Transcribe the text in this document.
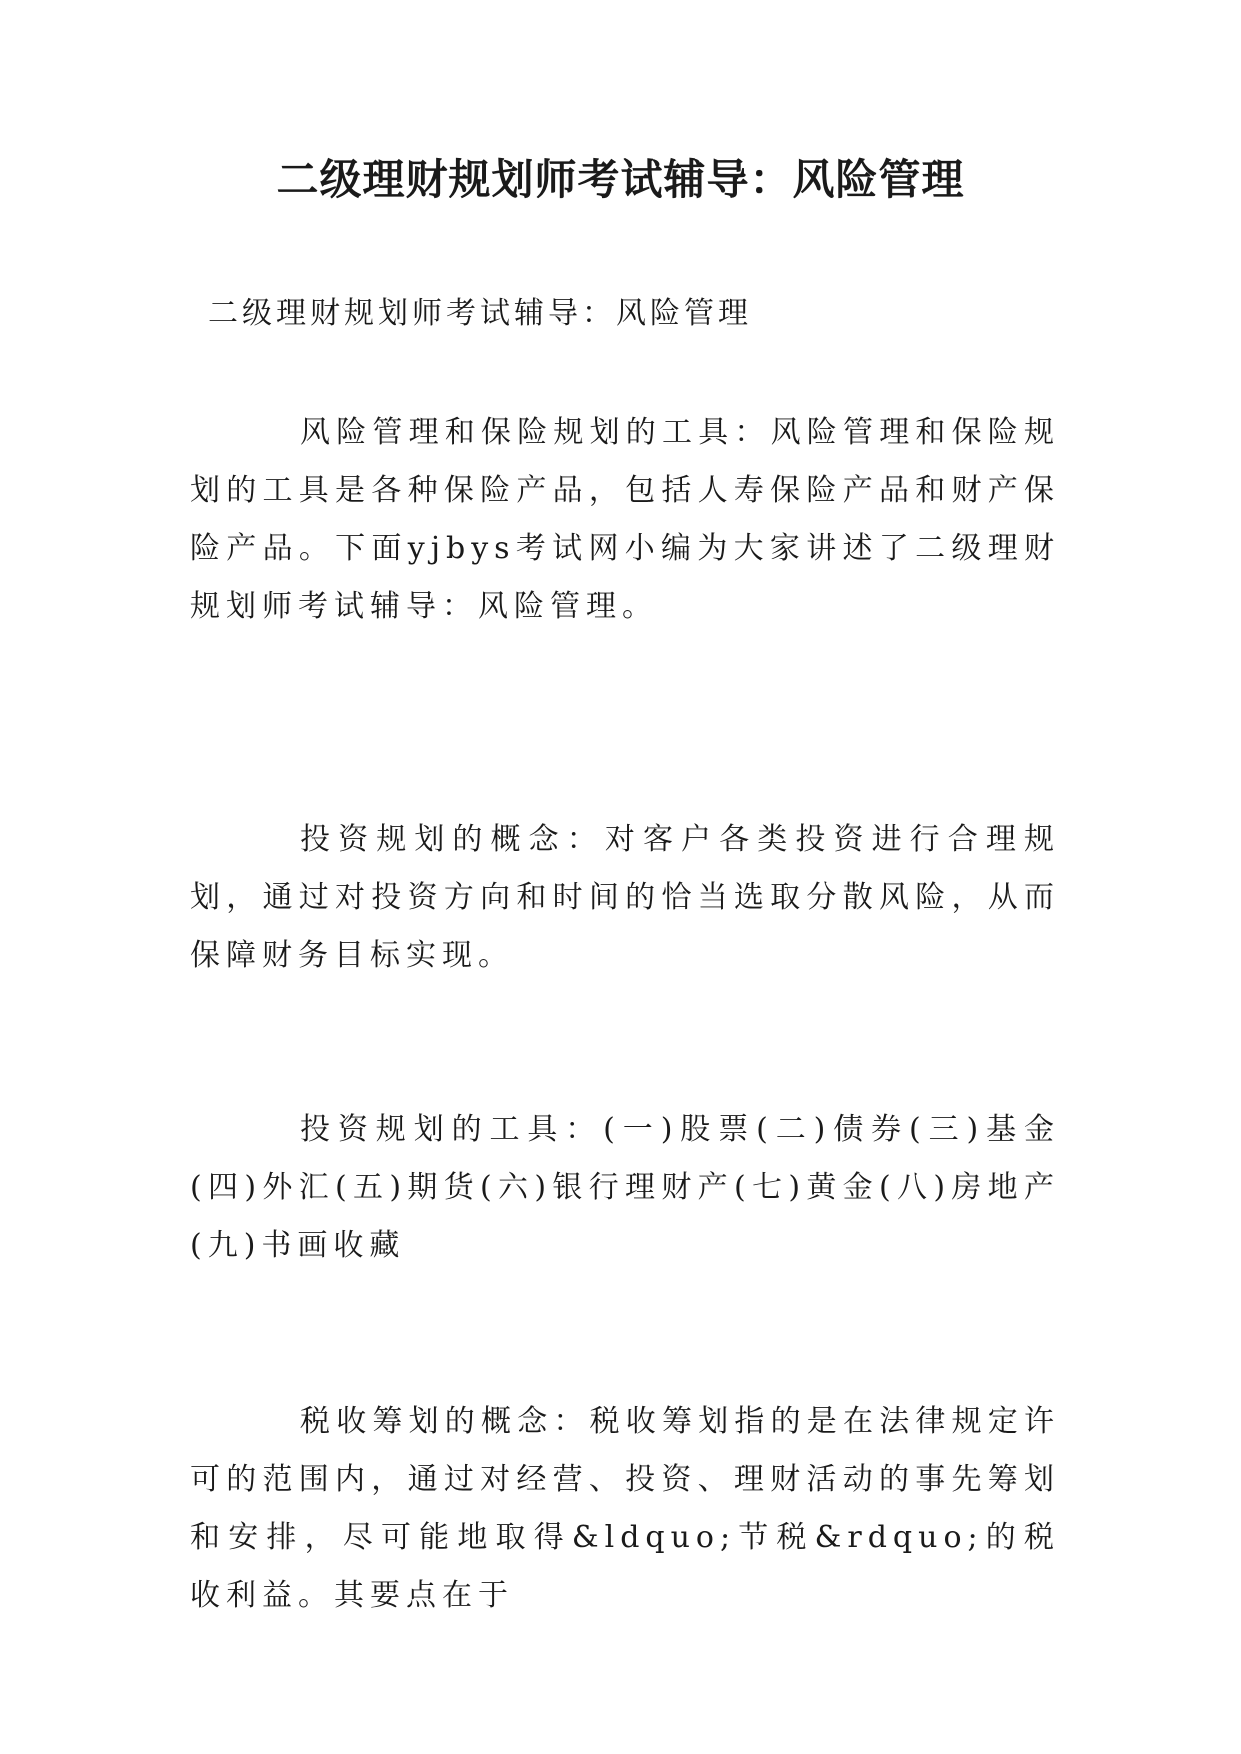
二级理财规划师考试辅导：风险管理

二级理财规划师考试辅导：风险管理

风险管理和保险规划的工具：风险管理和保险规划的工具是各种保险产品，包括人寿保险产品和财产保险产品。下面yjbys考试网小编为大家讲述了二级理财规划师考试辅导：风险管理。

投资规划的概念：对客户各类投资进行合理规划，通过对投资方向和时间的恰当选取分散风险，从而保障财务目标实现。

投资规划的工具：(一)股票(二)债券(三)基金(四)外汇(五)期货(六)银行理财产(七)黄金(八)房地产(九)书画收藏

税收筹划的概念：税收筹划指的是在法律规定许可的范围内，通过对经营、投资、理财活动的事先筹划和安排，尽可能地取得&ldquo;节税&rdquo;的税收利益。其要点在于
